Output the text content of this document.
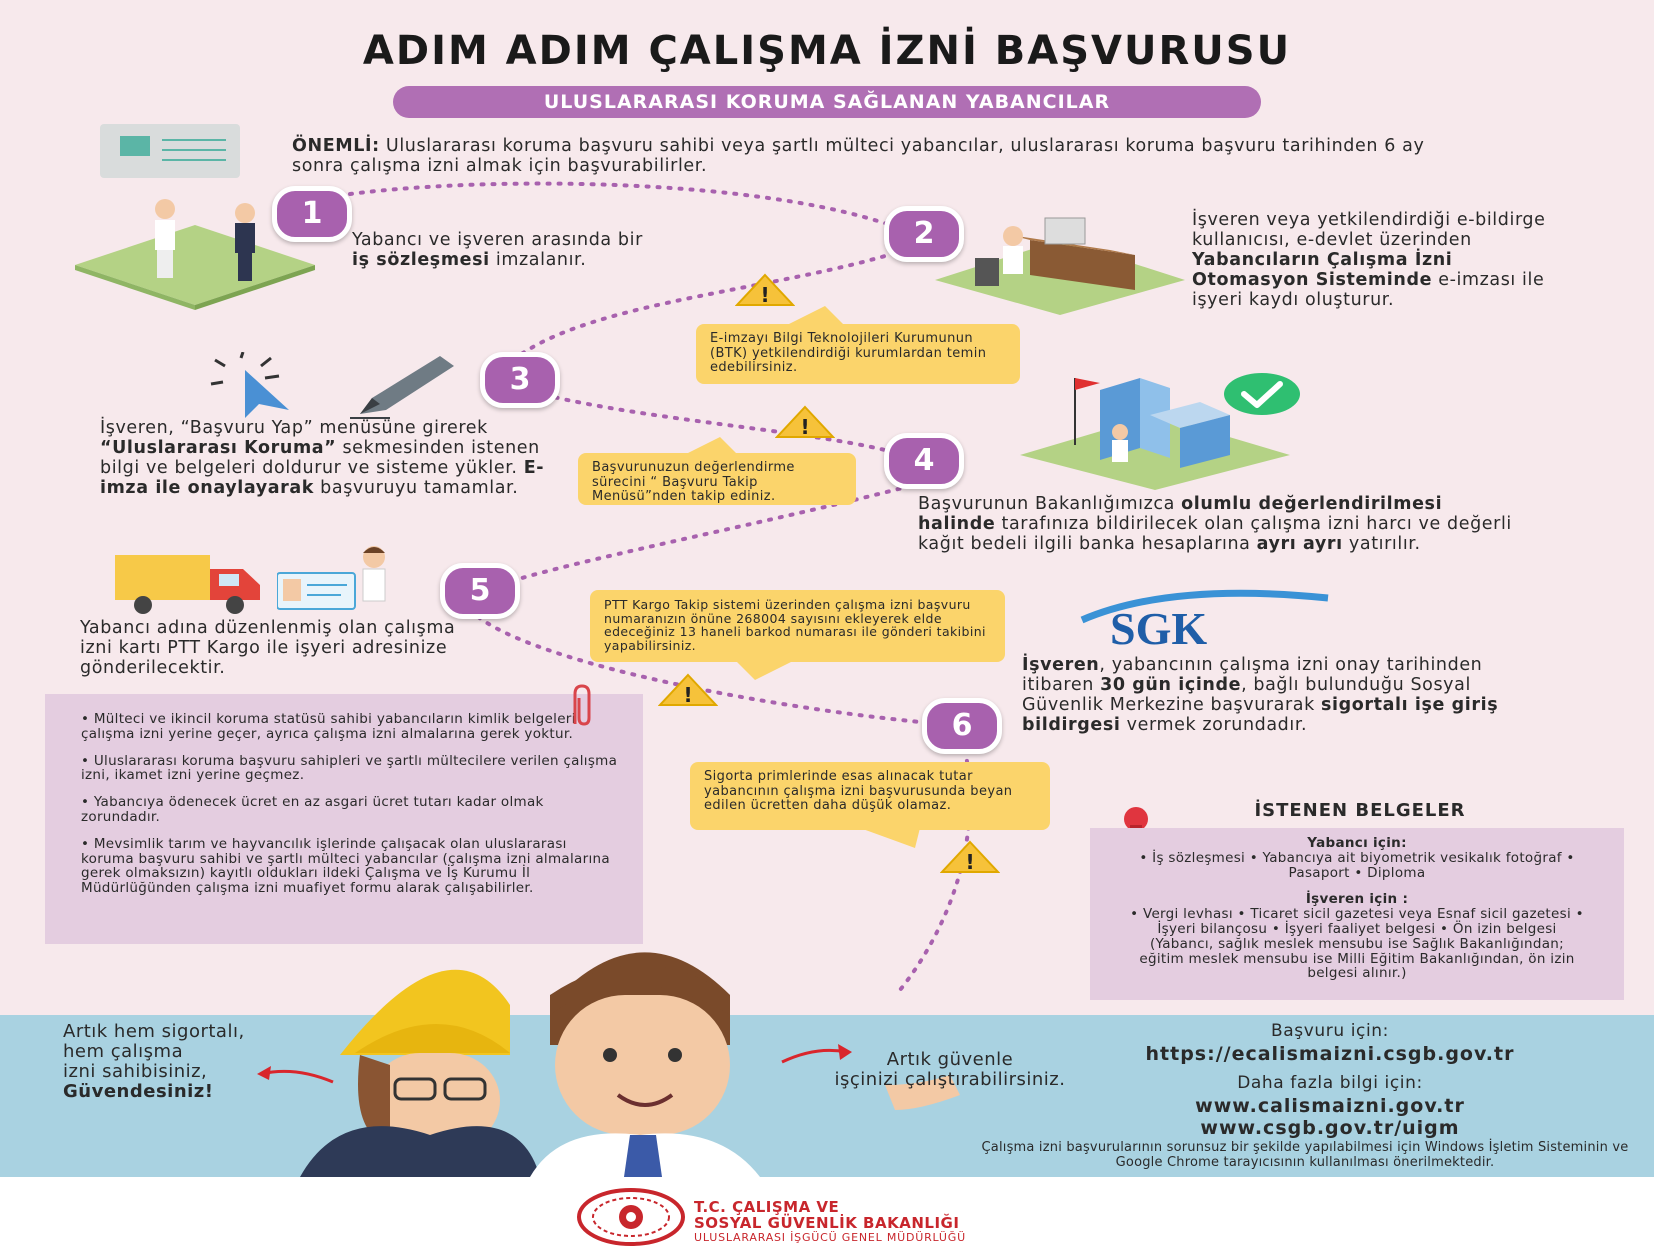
ADIM ADIM ÇALIŞMA İZNİ BAŞVURUSU
ULUSLARARASI KORUMA SAĞLANAN YABANCILAR
ÖNEMLİ: Uluslararası koruma başvuru sahibi veya şartlı mülteci yabancılar, uluslararası koruma başvuru tarihinden 6 ay sonra çalışma izni almak için başvurabilirler.
1
Yabancı ve işveren arasında bir
iş sözleşmesi imzalanır.
2	İşveren veya yetkilendirdiği e-bildirge kullanıcısı, e-devlet üzerinden Yabancıların Çalışma İzni Otomasyon Sisteminde e-imzası ile işyeri kaydı oluşturur.
!
!
!
!
E-imzayı Bilgi Teknolojileri Kurumunun (BTK) yetkilendirdiği kurumlardan temin edebilirsiniz.
3
İşveren, “Başvuru Yap” menüsüne girerek “Uluslararası Koruma” sekmesinden istenen bilgi ve belgeleri doldurur ve sisteme yükler. E-imza ile onaylayarak başvuruyu tamamlar.
Başvurunuzun değerlendirme sürecini “ Başvuru Takip Menüsü”nden takip ediniz.
4
Başvurunun Bakanlığımızca olumlu değerlendirilmesi halinde tarafınıza bildirilecek olan çalışma izni harcı ve değerli kağıt bedeli ilgili banka hesaplarına ayrı ayrı yatırılır.
5
Yabancı adına düzenlenmiş olan çalışma izni kartı PTT Kargo ile işyeri adresinize gönderilecektir.
PTT Kargo Takip sistemi üzerinden çalışma izni başvuru numaranızın önüne 268004 sayısını ekleyerek elde edeceğiniz 13 haneli barkod numarası ile gönderi takibini yapabilirsiniz.	SGK
6
İşveren, yabancının çalışma izni onay tarihinden itibaren 30 gün içinde, bağlı bulunduğu Sosyal Güvenlik Merkezine başvurarak sigortalı işe giriş bildirgesi vermek zorundadır.
Sigorta primlerinde esas alınacak tutar yabancının çalışma izni başvurusunda beyan edilen ücretten daha düşük olamaz.
• Mülteci ve ikincil koruma statüsü sahibi yabancıların kimlik belgeleri çalışma izni yerine geçer, ayrıca çalışma izni almalarına gerek yoktur.
• Uluslararası koruma başvuru sahipleri ve şartlı mültecilere verilen çalışma izni, ikamet izni yerine geçmez.
• Yabancıya ödenecek ücret en az asgari ücret tutarı kadar olmak zorundadır.
• Mevsimlik tarım ve hayvancılık işlerinde çalışacak olan uluslararası koruma başvuru sahibi ve şartlı mülteci yabancılar (çalışma izni almalarına gerek olmaksızın) kayıtlı oldukları ildeki Çalışma ve İş Kurumu İl Müdürlüğünden çalışma izni muafiyet formu alarak çalışabilirler.
İSTENEN BELGELER
Yabancı için:
• İş sözleşmesi • Yabancıya ait biyometrik vesikalık fotoğraf • Pasaport • Diploma
İşveren için :
• Vergi levhası • Ticaret sicil gazetesi veya Esnaf sicil gazetesi • İşyeri bilançosu • İşyeri faaliyet belgesi • Ön izin belgesi (Yabancı, sağlık meslek mensubu ise Sağlık Bakanlığından; eğitim meslek mensubu ise Milli Eğitim Bakanlığından, ön izin belgesi alınır.)
Artık hem sigortalı,
hem çalışma
izni sahibisiniz,
Güvendesiniz!
Artık güvenle
işçinizi çalıştırabilirsiniz.
Başvuru için:
https://ecalismaizni.csgb.gov.tr
Daha fazla bilgi için:
www.calismaizni.gov.tr
www.csgb.gov.tr/uigm
Çalışma izni başvurularının sorunsuz bir şekilde yapılabilmesi için Windows İşletim Sisteminin ve Google Chrome tarayıcısının kullanılması önerilmektedir.
T.C. ÇALIŞMA VE
SOSYAL GÜVENLİK BAKANLIĞI
ULUSLARARASI İŞGÜCÜ GENEL MÜDÜRLÜĞÜ
